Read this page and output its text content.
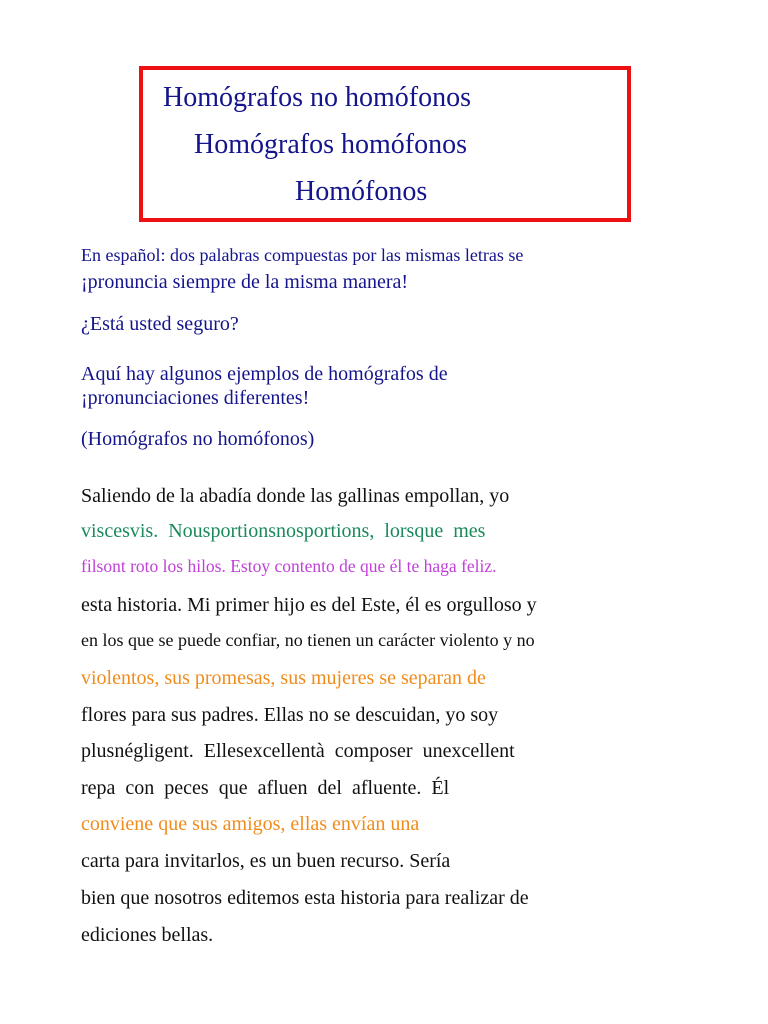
Homógrafos no homófonos
Homógrafos homófonos
Homófonos
En español: dos palabras compuestas por las mismas letras se
¡pronuncia siempre de la misma manera!
¿Está usted seguro?
Aquí hay algunos ejemplos de homógrafos de
¡pronunciaciones diferentes!
(Homógrafos no homófonos)
Saliendo de la abadía donde las gallinas empollan, yo
viscesvis.  Nousportionsnosportions,  lorsque  mes
filsont roto los hilos. Estoy contento de que él te haga feliz.
esta historia. Mi primer hijo es del Este, él es orgulloso y
en los que se puede confiar, no tienen un carácter violento y no
violentos, sus promesas, sus mujeres se separan de
flores para sus padres. Ellas no se descuidan, yo soy
plusnégligent.  Ellesexcellentà  composer  unexcellent
repa  con  peces  que  afluen  del  afluente.  Él
conviene que sus amigos, ellas envían una
carta para invitarlos, es un buen recurso. Sería
bien que nosotros editemos esta historia para realizar de
ediciones bellas.
